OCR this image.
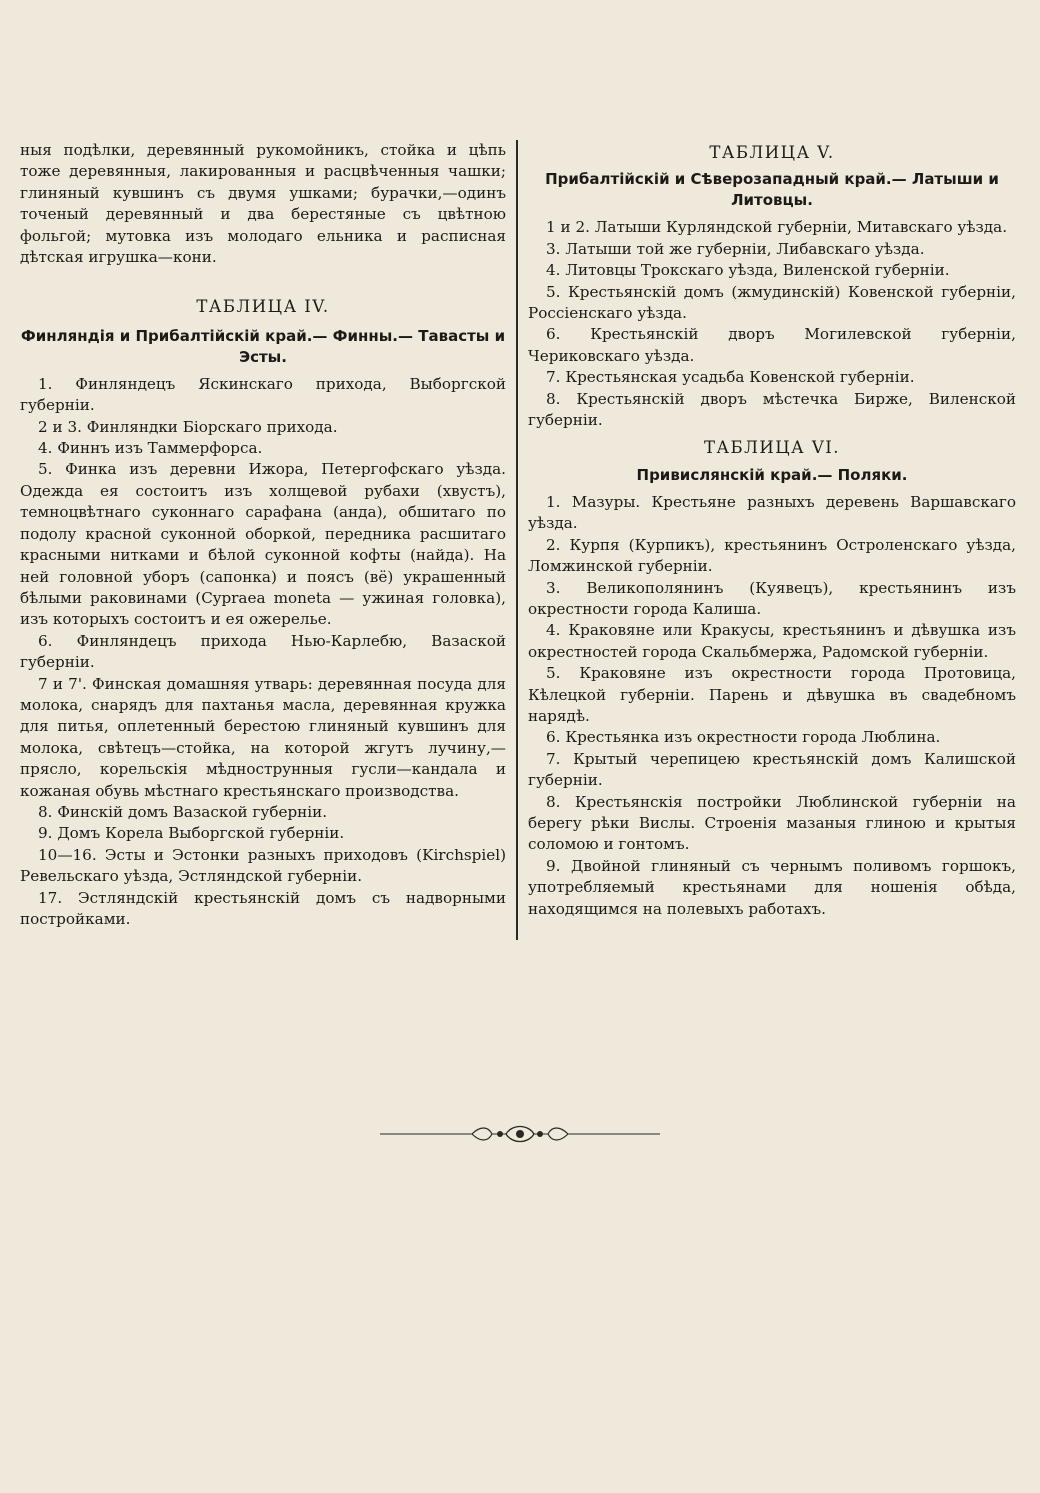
ныя подѣлки, деревянный рукомойникъ, стойка и цѣпь тоже деревянныя, лакированныя и расцвѣченныя чашки; глиняный кувшинъ съ двумя ушками; бурачки,—одинъ точеный деревянный и два берестяные съ цвѣтною фольгой; мутовка изъ молодаго ельника и расписная дѣтская игрушка—кони.

ТАБЛИЦА IV.

Финляндія и Прибалтійскій край.— Финны.— Тавасты и Эсты.

1. Финляндецъ Яскинскаго прихода, Выборгской губерніи.

2 и 3. Финляндки Біорскаго прихода.

4. Финнъ изъ Таммерфорса.

5. Финка изъ деревни Ижора, Петергофскаго уѣзда. Одежда ея состоитъ изъ холщевой рубахи (хвустъ), темноцвѣтнаго суконнаго сарафана (анда), обшитаго по подолу красной суконной оборкой, передника расшитаго красными нитками и бѣлой суконной кофты (найда). На ней головной уборъ (сапонка) и поясъ (вё) украшенный бѣлыми раковинами (Cypraea moneta — ужиная головка), изъ которыхъ состоитъ и ея ожерелье.

6. Финляндецъ прихода Нью-Карлебю, Вазаской губерніи.

7 и 7'. Финская домашняя утварь: деревянная посуда для молока, снарядъ для пахтанья масла, деревянная кружка для питья, оплетенный берестою глиняный кувшинъ для молока, свѣтецъ—стойка, на которой жгутъ лучину,—прясло, корельскія мѣднострунныя гусли—кандала и кожаная обувь мѣстнаго крестьянскаго производства.

8. Финскій домъ Вазаской губерніи.

9. Домъ Корела Выборгской губерніи.

10—16. Эсты и Эстонки разныхъ приходовъ (Kirchspiel) Ревельскаго уѣзда, Эстляндской губерніи.

17. Эстляндскій крестьянскій домъ съ надворными постройками.

ТАБЛИЦА V.

Прибалтійскій и Сѣверозападный край.— Латыши и Литовцы.

1 и 2. Латыши Курляндской губерніи, Митавскаго уѣзда.

3. Латыши той же губерніи, Либавскаго уѣзда.

4. Литовцы Трокскаго уѣзда, Виленской губерніи.

5. Крестьянскій домъ (жмудинскій) Ковенской губерніи, Россіенскаго уѣзда.

6. Крестьянскій дворъ Могилевской губерніи, Чериковскаго уѣзда.

7. Крестьянская усадьба Ковенской губерніи.

8. Крестьянскій дворъ мѣстечка Бирже, Виленской губерніи.

ТАБЛИЦА VI.

Привислянскій край.— Поляки.

1. Мазуры. Крестьяне разныхъ деревень Варшавскаго уѣзда.

2. Курпя (Курпикъ), крестьянинъ Остроленскаго уѣзда, Ломжинской губерніи.

3. Великополянинъ (Куявецъ), крестьянинъ изъ окрестности города Калиша.

4. Краковяне или Кракусы, крестьянинъ и дѣвушка изъ окрестностей города Скальбмержа, Радомской губерніи.

5. Краковяне изъ окрестности города Протовица, Кѣлецкой губерніи. Парень и дѣвушка въ свадебномъ нарядѣ.

6. Крестьянка изъ окрестности города Люблина.

7. Крытый черепицею крестьянскій домъ Калишской губерніи.

8. Крестьянскія постройки Люблинской губерніи на берегу рѣки Вислы. Строенія мазаныя глиною и крытыя соломою и гонтомъ.

9. Двойной глиняный съ чернымъ поливомъ горшокъ, употребляемый крестьянами для ношенія обѣда, находящимся на полевыхъ работахъ.
